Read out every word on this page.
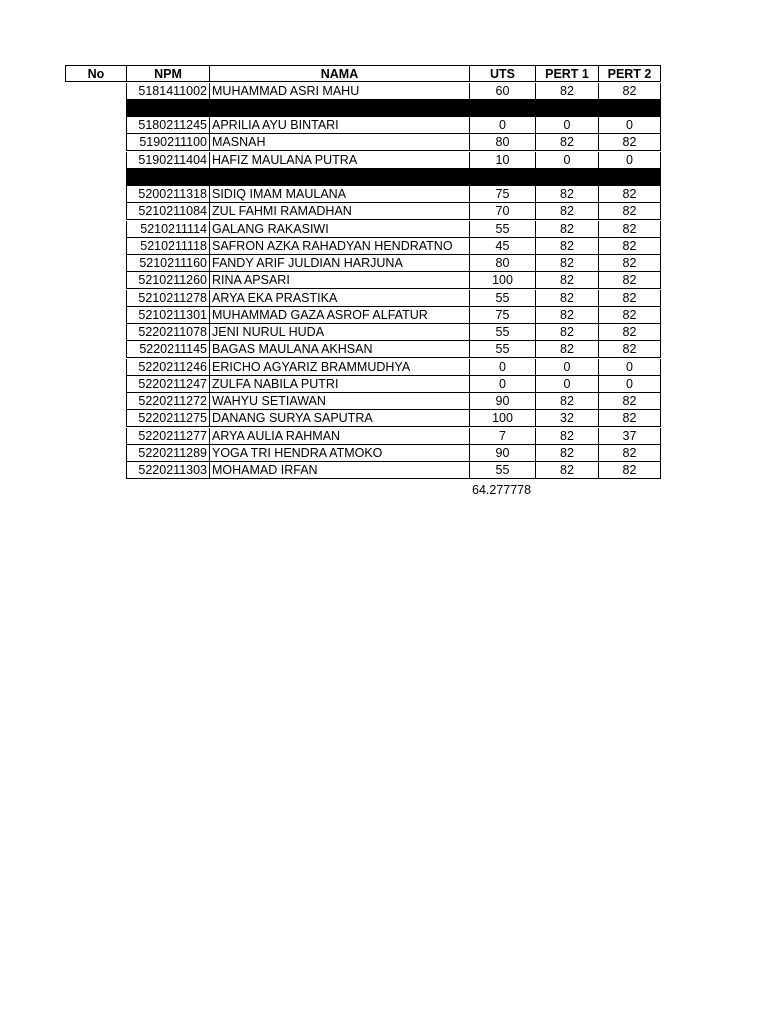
No	NPM	NAMA	UTS	PERT 1	PERT 2
5181411002 MUHAMMAD ASRI MAHU	60	82	82
5180211245 APRILIA AYU BINTARI	0	0	0
5190211100 MASNAH	80	82	82
5190211404 HAFIZ MAULANA PUTRA	10	0	0
5200211318 SIDIQ IMAM MAULANA	75	82	82
5210211084 ZUL FAHMI RAMADHAN	70	82	82
5210211114 GALANG RAKASIWI	55	82	82
5210211118 SAFRON AZKA RAHADYAN HENDRATNO	45	82	82
5210211160 FANDY ARIF JULDIAN HARJUNA	80	82	82
5210211260 RINA APSARI	100	82	82
5210211278 ARYA EKA PRASTIKA	55	82	82
5210211301 MUHAMMAD GAZA ASROF ALFATUR	75	82	82
5220211078 JENI NURUL HUDA	55	82	82
5220211145 BAGAS MAULANA AKHSAN	55	82	82
5220211246 ERICHO AGYARIZ BRAMMUDHYA	0	0	0
5220211247 ZULFA NABILA PUTRI	0	0	0
5220211272 WAHYU SETIAWAN	90	82	82
5220211275 DANANG SURYA SAPUTRA	100	32	82
5220211277 ARYA AULIA RAHMAN	7	82	37
5220211289 YOGA TRI HENDRA ATMOKO	90	82	82
5220211303 MOHAMAD IRFAN	55	82	82
64.277778
